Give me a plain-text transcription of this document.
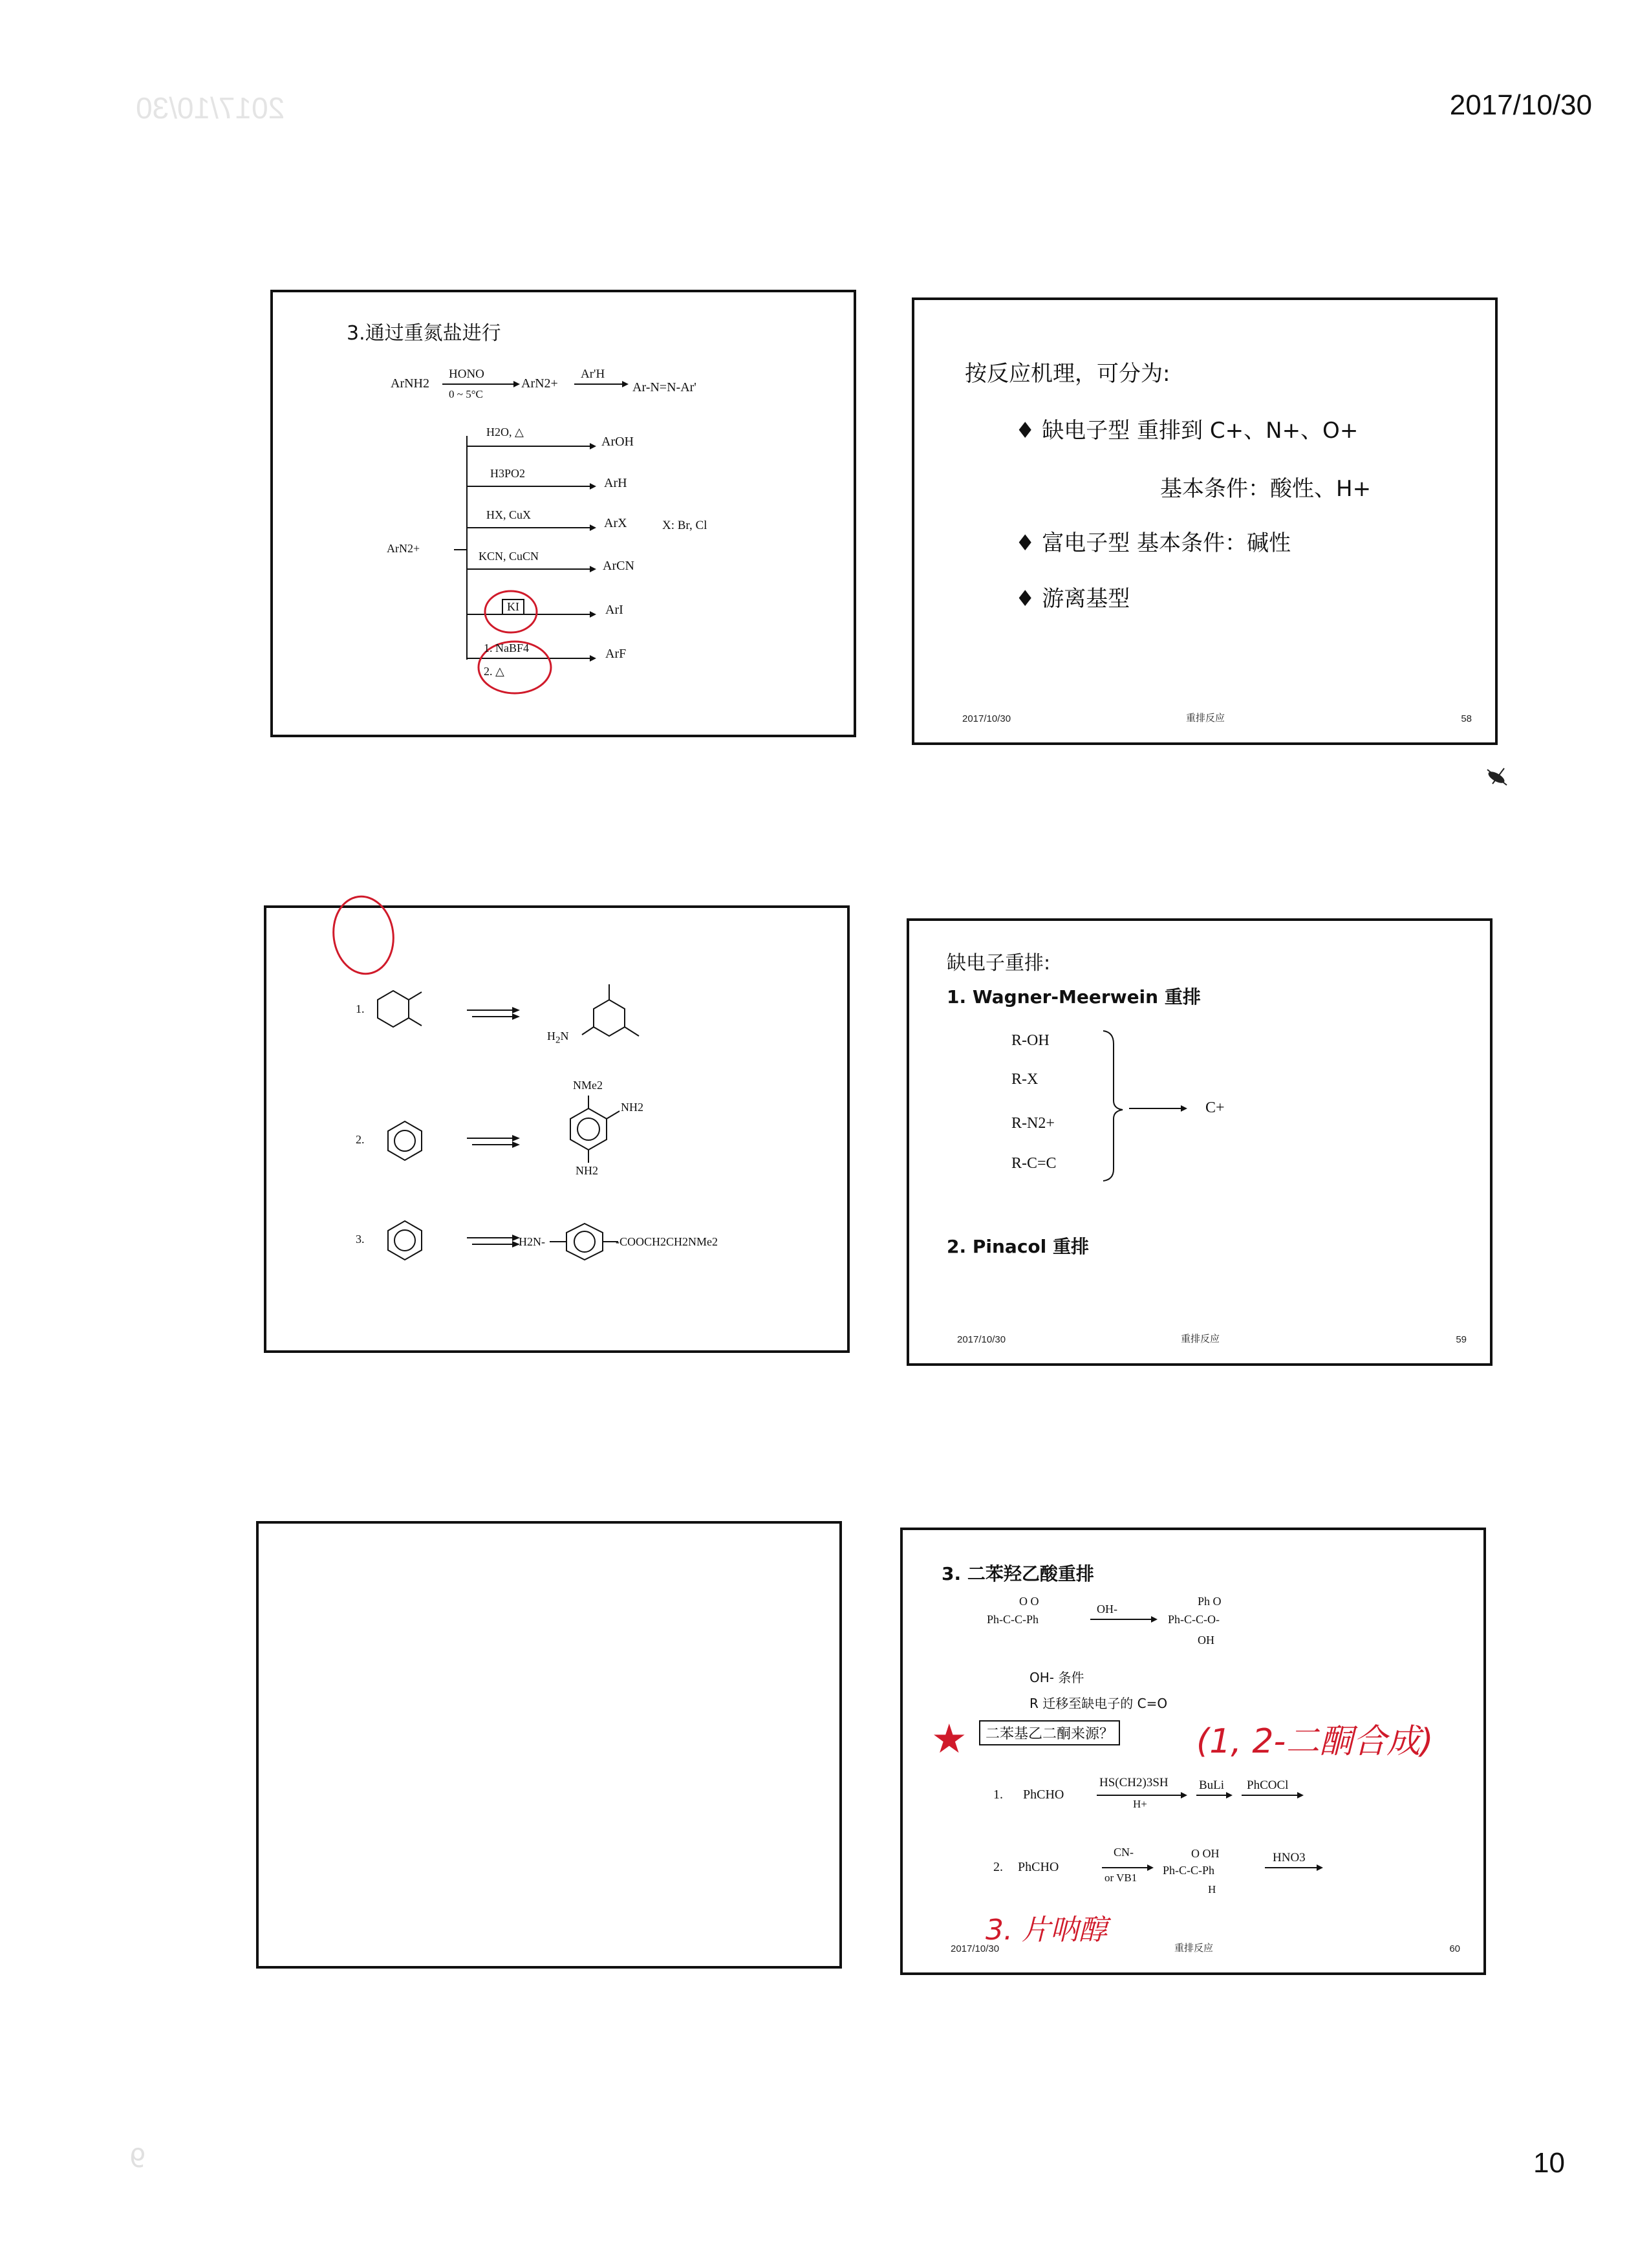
2017/10/30
2017/10/30
10
9
3.通过重氮盐进行
ArNH2
HONO
0 ~ 5°C
ArN2+
Ar'H
Ar-N=N-Ar'
ArN2+
H2O, △
ArOH
H3PO2
ArH
HX, CuX
ArX	X: Br, Cl
KCN, CuCN
ArCN
KI	ArI
1. NaBF4
2. △
ArF
按反应机理，可分为:
♦ 缺电子型 重排到 C+、N+、O+
基本条件：酸性、H+
♦ 富电子型 基本条件：碱性
♦ 游离基型
2017/10/30	重排反应	58
1.
$H_2N$
2.
NMe2
NH2
NH2
3.	H2N-	-COOCH2CH2NMe2
缺电子重排:
1. Wagner-Meerwein 重排
R-OH
R-X
R-N2+
R-C=C
C+
2. Pinacol 重排
2017/10/30	重排反应	59
3. 二苯羟乙酸重排
O O
Ph-C-C-Ph
OH-
Ph O
Ph-C-C-O-
OH
OH- 条件
R 迁移至缺电子的 C=O
二苯基乙二酮来源？
1. PhCHO
HS(CH2)3SH
H+
BuLi PhCOCl
2. PhCHO
CN-
or VB1
O OH
Ph-C-C-Ph
H
HNO3
2017/10/30	重排反应	60
★	(1, 2-二酮合成)
3. 片呐醇
